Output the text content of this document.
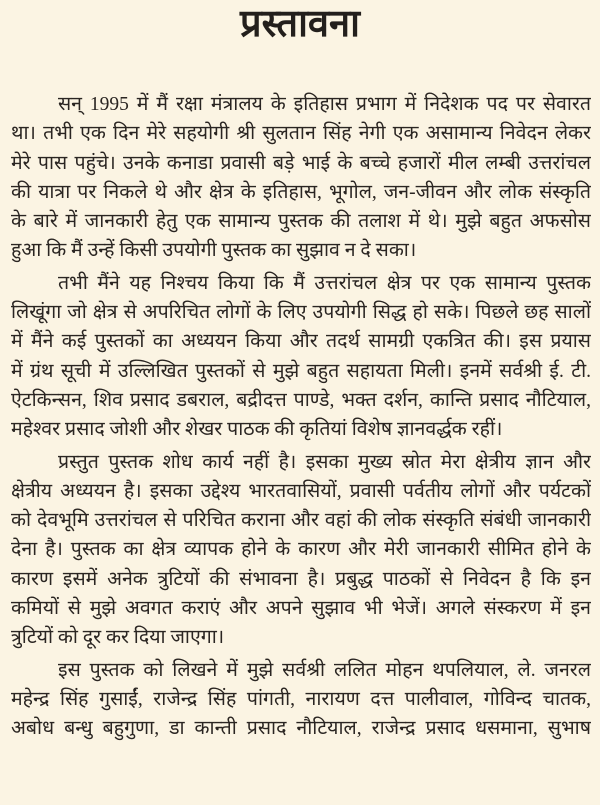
प्रस्तावना
सन् 1995 में मैं रक्षा मंत्रालय के इतिहास प्रभाग में निदेशक पद पर सेवारत
था। तभी एक दिन मेरे सहयोगी श्री सुलतान सिंह नेगी एक असामान्य निवेदन लेकर
मेरे पास पहुंचे। उनके कनाडा प्रवासी बड़े भाई के बच्चे हजारों मील लम्बी उत्तरांचल
की यात्रा पर निकले थे और क्षेत्र के इतिहास, भूगोल, जन-जीवन और लोक संस्कृति
के बारे में जानकारी हेतु एक सामान्य पुस्तक की तलाश में थे। मुझे बहुत अफसोस
हुआ कि मैं उन्हें किसी उपयोगी पुस्तक का सुझाव न दे सका।
तभी मैंने यह निश्चय किया कि मैं उत्तरांचल क्षेत्र पर एक सामान्य पुस्तक
लिखूंगा जो क्षेत्र से अपरिचित लोगों के लिए उपयोगी सिद्ध हो सके। पिछले छह सालों
में मैंने कई पुस्तकों का अध्ययन किया और तदर्थ सामग्री एकत्रित की। इस प्रयास
में ग्रंथ सूची में उल्लिखित पुस्तकों से मुझे बहुत सहायता मिली। इनमें सर्वश्री ई. टी.
ऐटकिन्सन, शिव प्रसाद डबराल, बद्रीदत्त पाण्डे, भक्त दर्शन, कान्ति प्रसाद नौटियाल,
महेश्वर प्रसाद जोशी और शेखर पाठक की कृतियां विशेष ज्ञानवर्द्धक रहीं।
प्रस्तुत पुस्तक शोध कार्य नहीं है। इसका मुख्य स्रोत मेरा क्षेत्रीय ज्ञान और
क्षेत्रीय अध्ययन है। इसका उद्देश्य भारतवासियों, प्रवासी पर्वतीय लोगों और पर्यटकों
को देवभूमि उत्तरांचल से परिचित कराना और वहां की लोक संस्कृति संबंधी जानकारी
देना है। पुस्तक का क्षेत्र व्यापक होने के कारण और मेरी जानकारी सीमित होने के
कारण इसमें अनेक त्रुटियों की संभावना है। प्रबुद्ध पाठकों से निवेदन है कि इन
कमियों से मुझे अवगत कराएं और अपने सुझाव भी भेजें। अगले संस्करण में इन
त्रुटियों को दूर कर दिया जाएगा।
इस पुस्तक को लिखने में मुझे सर्वश्री ललित मोहन थपलियाल, ले. जनरल
महेन्द्र सिंह गुसाईं, राजेन्द्र सिंह पांगती, नारायण दत्त पालीवाल, गोविन्द चातक,
अबोध बन्धु बहुगुणा, डा कान्ती प्रसाद नौटियाल, राजेन्द्र प्रसाद धसमाना, सुभाष
